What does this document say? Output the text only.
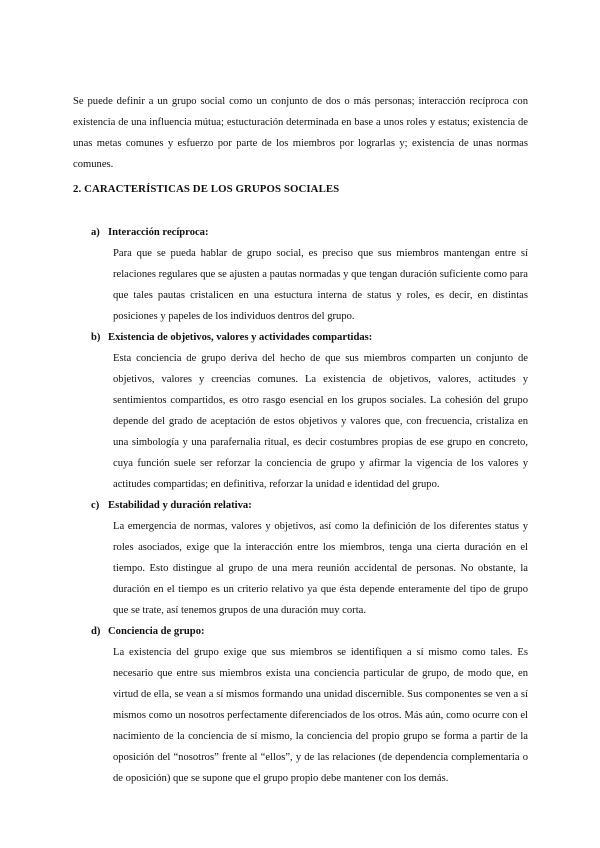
Se puede definir a un grupo social como un conjunto de dos o más personas; interacción recíproca con existencia de una influencia mútua; estucturación determinada en base a unos roles y estatus; existencia de unas metas comunes y esfuerzo por parte de los miembros por lograrlas y; existencia de unas normas comunes.

2. CARACTERÍSTICAS DE LOS GRUPOS SOCIALES
a) Interacción recíproca:

Para que se pueda hablar de grupo social, es preciso que sus miembros mantengan entre sí relaciones regulares que se ajusten a pautas normadas y que tengan duración suficiente como para que tales pautas cristalicen en una estuctura interna de status y roles, es decir, en distintas posiciones y papeles de los individuos dentros del grupo.

b) Existencia de objetivos, valores y actividades compartidas:

Esta conciencia de grupo deriva del hecho de que sus miembros comparten un conjunto de objetivos, valores y creencias comunes. La existencia de objetivos, valores, actitudes y sentimientos compartidos, es otro rasgo esencial en los grupos sociales. La cohesión del grupo depende del grado de aceptación de estos objetivos y valores que, con frecuencia, cristaliza en una simbología y una parafernalia ritual, es decir costumbres propias de ese grupo en concreto, cuya función suele ser reforzar la conciencia de grupo y afirmar la vigencia de los valores y actitudes compartidas; en definitiva, reforzar la unidad e identidad del grupo.

c) Estabilidad y duración relativa:

La emergencia de normas, valores y objetivos, así como la definición de los diferentes status y roles asociados, exige que la interacción entre los miembros, tenga una cierta duración en el tiempo. Esto distingue al grupo de una mera reunión accidental de personas. No obstante, la duración en el tiempo es un criterio relativo ya que ésta depende enteramente del tipo de grupo que se trate, así tenemos grupos de una duración muy corta.

d) Conciencia de grupo:

La existencia del grupo exige que sus miembros se identifiquen a sí mismo como tales. Es necesario que entre sus miembros exista una conciencia particular de grupo, de modo que, en virtud de ella, se vean a sí mismos formando una unidad discernible. Sus componentes se ven a sí mismos como un nosotros perfectamente diferenciados de los otros. Más aún, como ocurre con el nacimiento de la conciencia de sí mismo, la conciencia del propio grupo se forma a partir de la oposición del “nosotros” frente al “ellos”, y de las relaciones (de dependencia complementaria o de oposición) que se supone que el grupo propio debe mantener con los demás.
